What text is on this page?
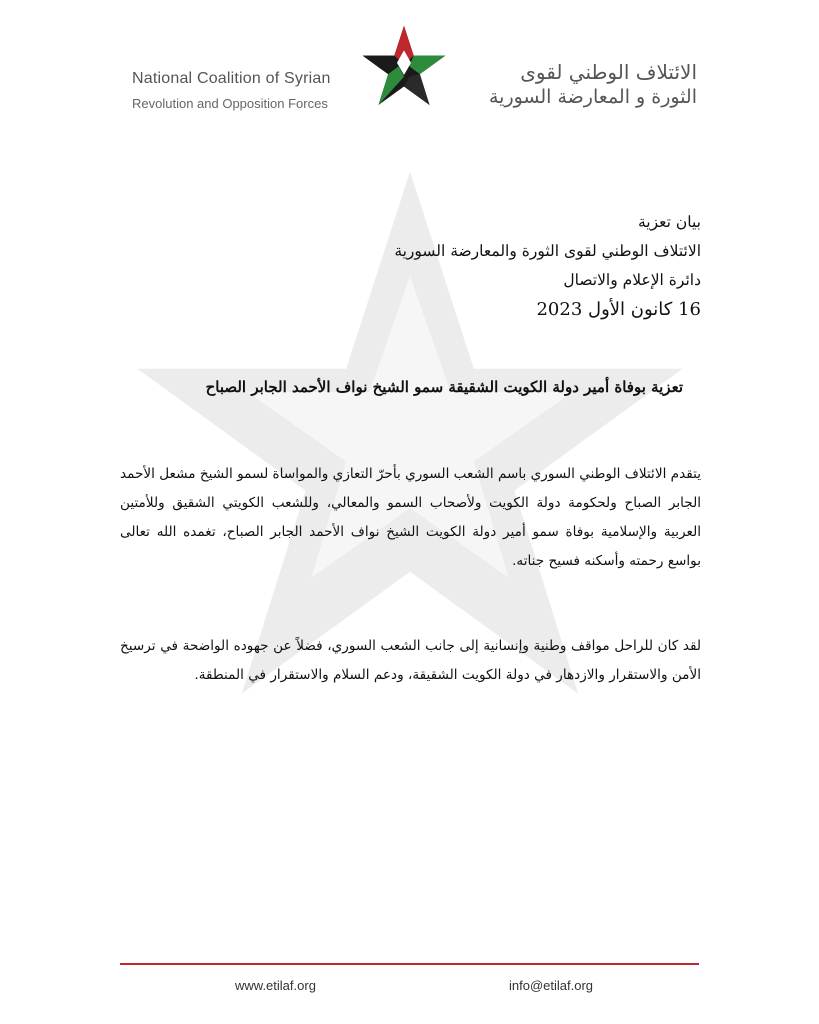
National Coalition of Syrian
Revolution and Opposition Forces
الائتلاف الوطني لقوى
الثورة و المعارضة السورية
بيان تعزية
الائتلاف الوطني لقوى الثورة والمعارضة السورية
دائرة الإعلام والاتصال
16 كانون الأول 2023
تعزية بوفاة أمير دولة الكويت الشقيقة سمو الشيخ نواف الأحمد الجابر الصباح
يتقدم الائتلاف الوطني السوري باسم الشعب السوري بأحرّ التعازي والمواساة لسمو الشيخ مشعل الأحمد الجابر الصباح ولحكومة دولة الكويت ولأصحاب السمو والمعالي، وللشعب الكويتي الشقيق وللأمتين العربية والإسلامية بوفاة سمو أمير دولة الكويت الشيخ نواف الأحمد الجابر الصباح، تغمده الله تعالى بواسع رحمته وأسكنه فسيح جناته.
لقد كان للراحل مواقف وطنية وإنسانية إلى جانب الشعب السوري، فضلاً عن جهوده الواضحة في ترسيخ الأمن والاستقرار والازدهار في دولة الكويت الشقيقة، ودعم السلام والاستقرار في المنطقة.
www.etilaf.org	info@etilaf.org
